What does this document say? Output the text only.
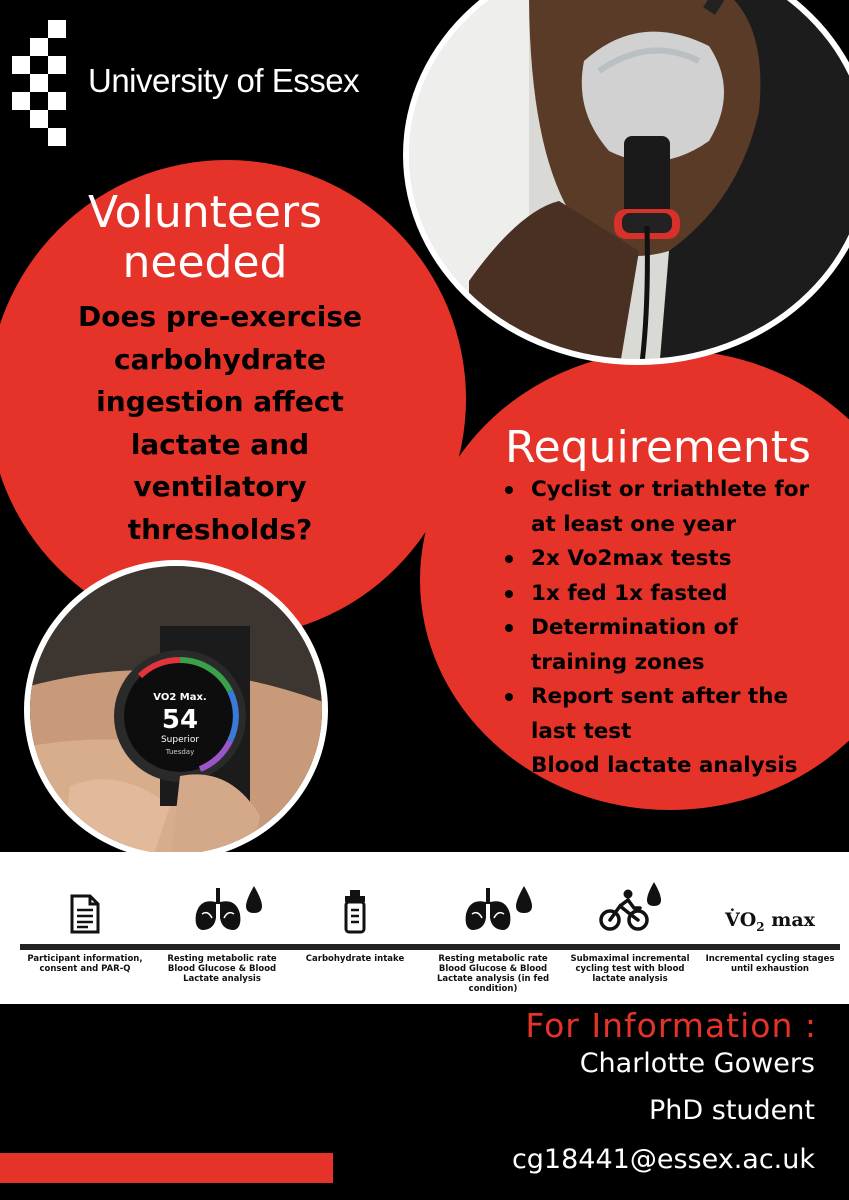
University of Essex
VO2 Max.
54
Superior
Tuesday
Volunteers needed
Does pre-exercise carbohydrate ingestion affect lactate and ventilatory thresholds?
Requirements
Cyclist or triathlete for at least one year
2x Vo2max tests
1x fed 1x fasted
Determination of training zones
Report sent after the last test
Blood lactate analysis
Participant information, consent and PAR-Q
Resting metabolic rate Blood Glucose & Blood Lactate analysis
Carbohydrate intake	Resting metabolic rate Blood Glucose & Blood Lactate analysis (in fed condition)
Submaximal incremental cycling test with blood lactate analysis
$V̇O_2$ max
Incremental cycling stages until exhaustion
For Information :
Charlotte Gowers
PhD student
cg18441@essex.ac.uk
